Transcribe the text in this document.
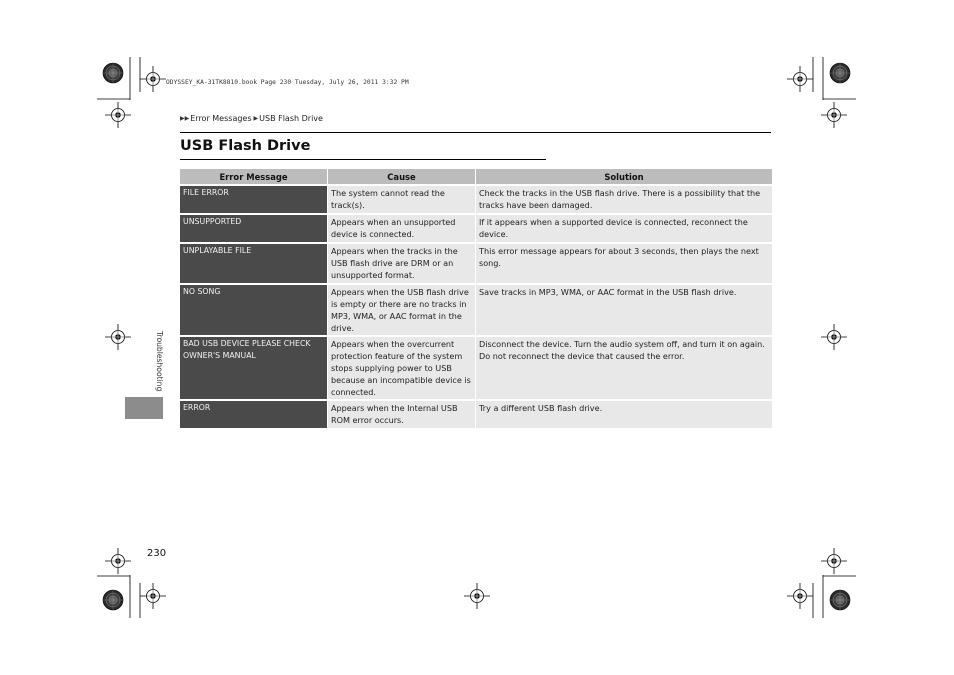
ODYSSEY_KA-31TK8810.book Page 230 Tuesday, July 26, 2011 3:32 PM
▶▶ Error Messages ▶ USB Flash Drive
USB Flash Drive
Error Message	Cause	Solution
FILE ERROR	The system cannot read the track(s).	Check the tracks in the USB flash drive. There is a possibility that the tracks have been damaged.
UNSUPPORTED	Appears when an unsupported device is connected.	If it appears when a supported device is connected, reconnect the device.
UNPLAYABLE FILE	Appears when the tracks in the USB flash drive are DRM or an unsupported format.	This error message appears for about 3 seconds, then plays the next song.
NO SONG	Appears when the USB flash drive is empty or there are no tracks in MP3, WMA, or AAC format in the drive.	Save tracks in MP3, WMA, or AAC format in the USB flash drive.
BAD USB DEVICE PLEASE CHECK OWNER'S MANUAL	Appears when the overcurrent protection feature of the system stops supplying power to USB because an incompatible device is connected.	Disconnect the device. Turn the audio system off, and turn it on again. Do not reconnect the device that caused the error.
ERROR	Appears when the Internal USB ROM error occurs.	Try a different USB flash drive.
Troubleshooting
230
